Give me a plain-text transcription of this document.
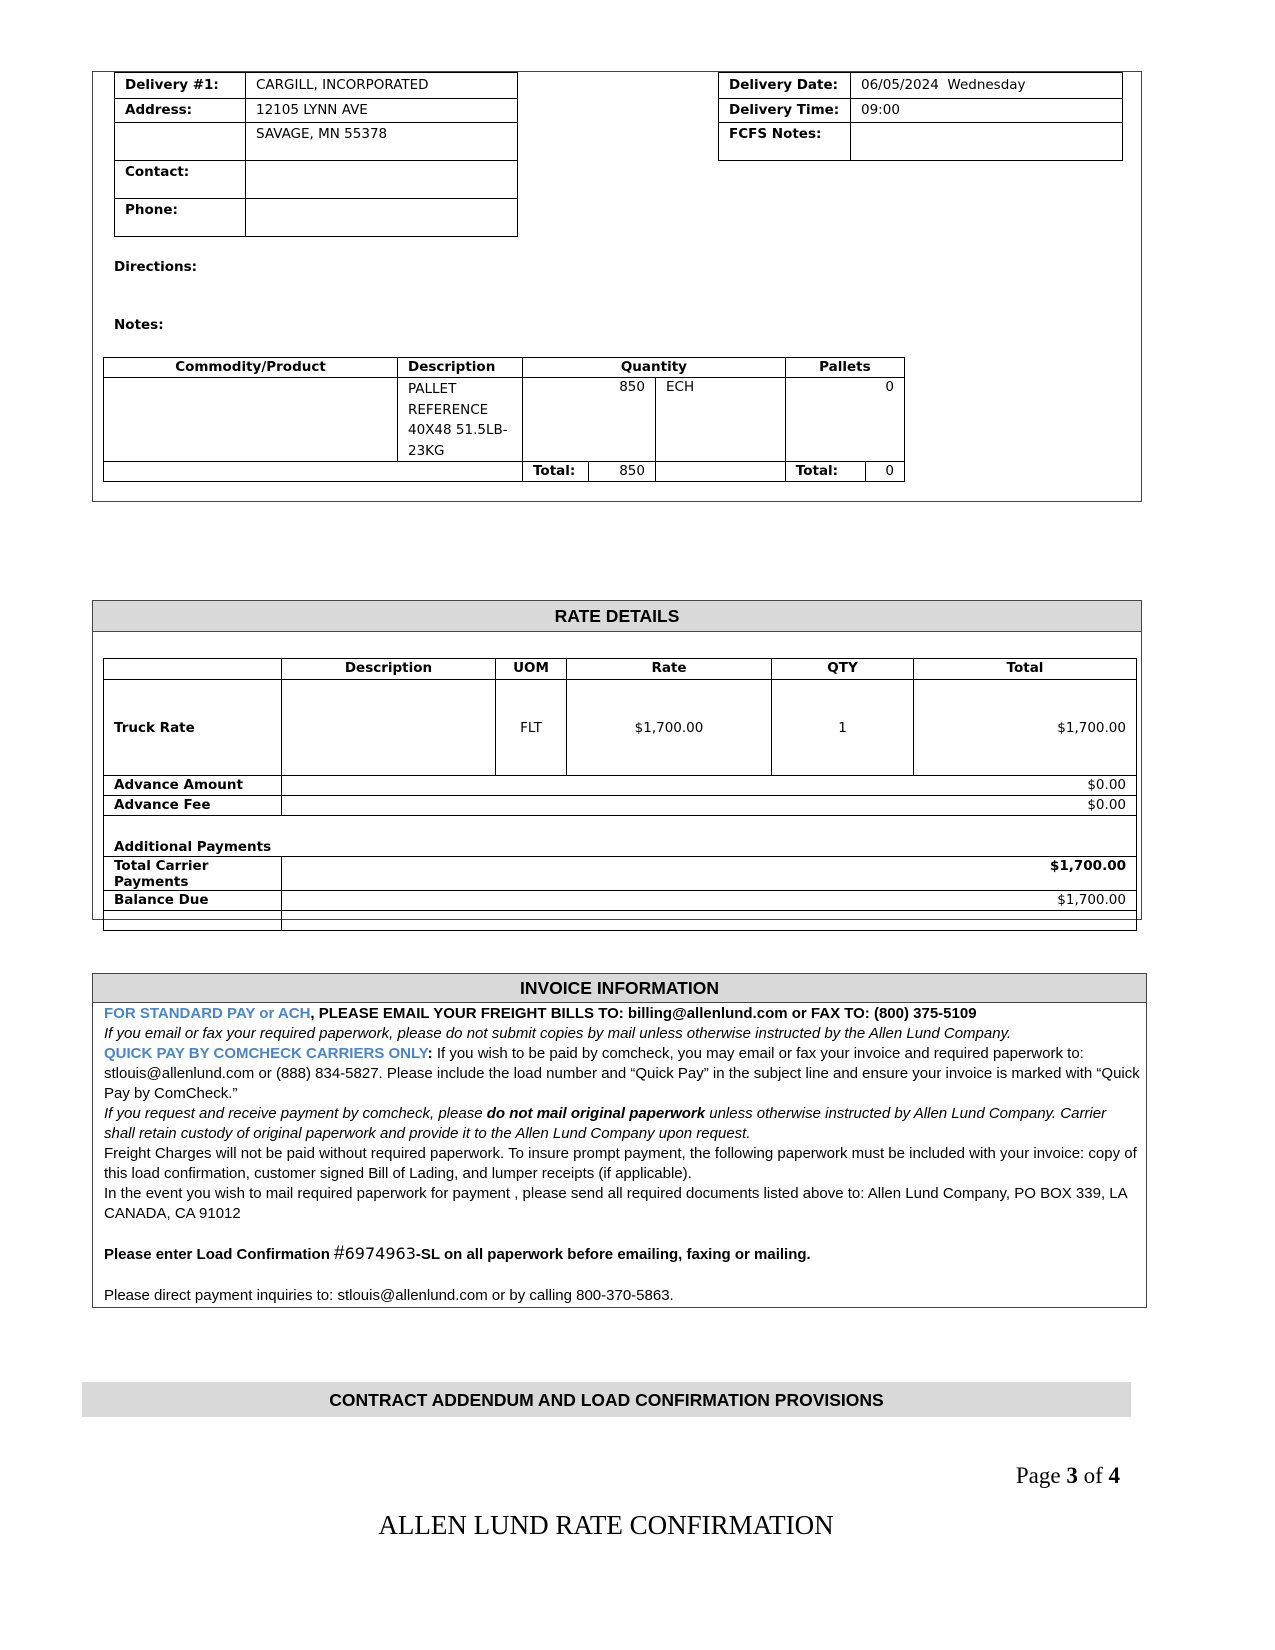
Delivery #1:	CARGILL, INCORPORATED
Address:	12105 LYNN AVE
	SAVAGE, MN 55378
Contact:	
Phone:	
Delivery Date:	06/05/2024  Wednesday
Delivery Time:	09:00
FCFS Notes:	
Directions:
Notes:
Commodity/Product	Description	Quantity		Pallets	

	PALLET
REFERENCE
40X48 51.5LB-
23KG	850	ECH	0	

		Total: 850		Total:	0
RATE DETAILS
	Description	UOM	Rate	QTY	Total
Truck Rate		FLT	$1,700.00	1	$1,700.00
Advance Amount	$0.00				
Advance Fee	$0.00				
Additional Payments					
Total Carrier Payments	$1,700.00				
Balance Due	$1,700.00				

INVOICE INFORMATION

FOR STANDARD PAY or ACH, PLEASE EMAIL YOUR FREIGHT BILLS TO: billing@allenlund.com or FAX TO: (800) 375-5109

If you email or fax your required paperwork, please do not submit copies by mail unless otherwise instructed by the Allen Lund Company.

QUICK PAY BY COMCHECK CARRIERS ONLY: If you wish to be paid by comcheck, you may email or fax your invoice and required paperwork to: stlouis@allenlund.com or (888) 834-5827. Please include the load number and “Quick Pay” in the subject line and ensure your invoice is marked with “Quick Pay by ComCheck.”

If you request and receive payment by comcheck, please do not mail original paperwork unless otherwise instructed by Allen Lund Company. Carrier shall retain custody of original paperwork and provide it to the Allen Lund Company upon request.

Freight Charges will not be paid without required paperwork. To insure prompt payment, the following paperwork must be included with your invoice: copy of this load confirmation, customer signed Bill of Lading, and lumper receipts (if applicable).

In the event you wish to mail required paperwork for payment , please send all required documents listed above to: Allen Lund Company, PO BOX 339, LA CANADA, CA 91012

Please enter Load Confirmation #6974963-SL on all paperwork before emailing, faxing or mailing.

Please direct payment inquiries to: stlouis@allenlund.com or by calling 800-370-5863.

CONTRACT ADDENDUM AND LOAD CONFIRMATION PROVISIONS
Page 3 of 4
ALLEN LUND RATE CONFIRMATION
